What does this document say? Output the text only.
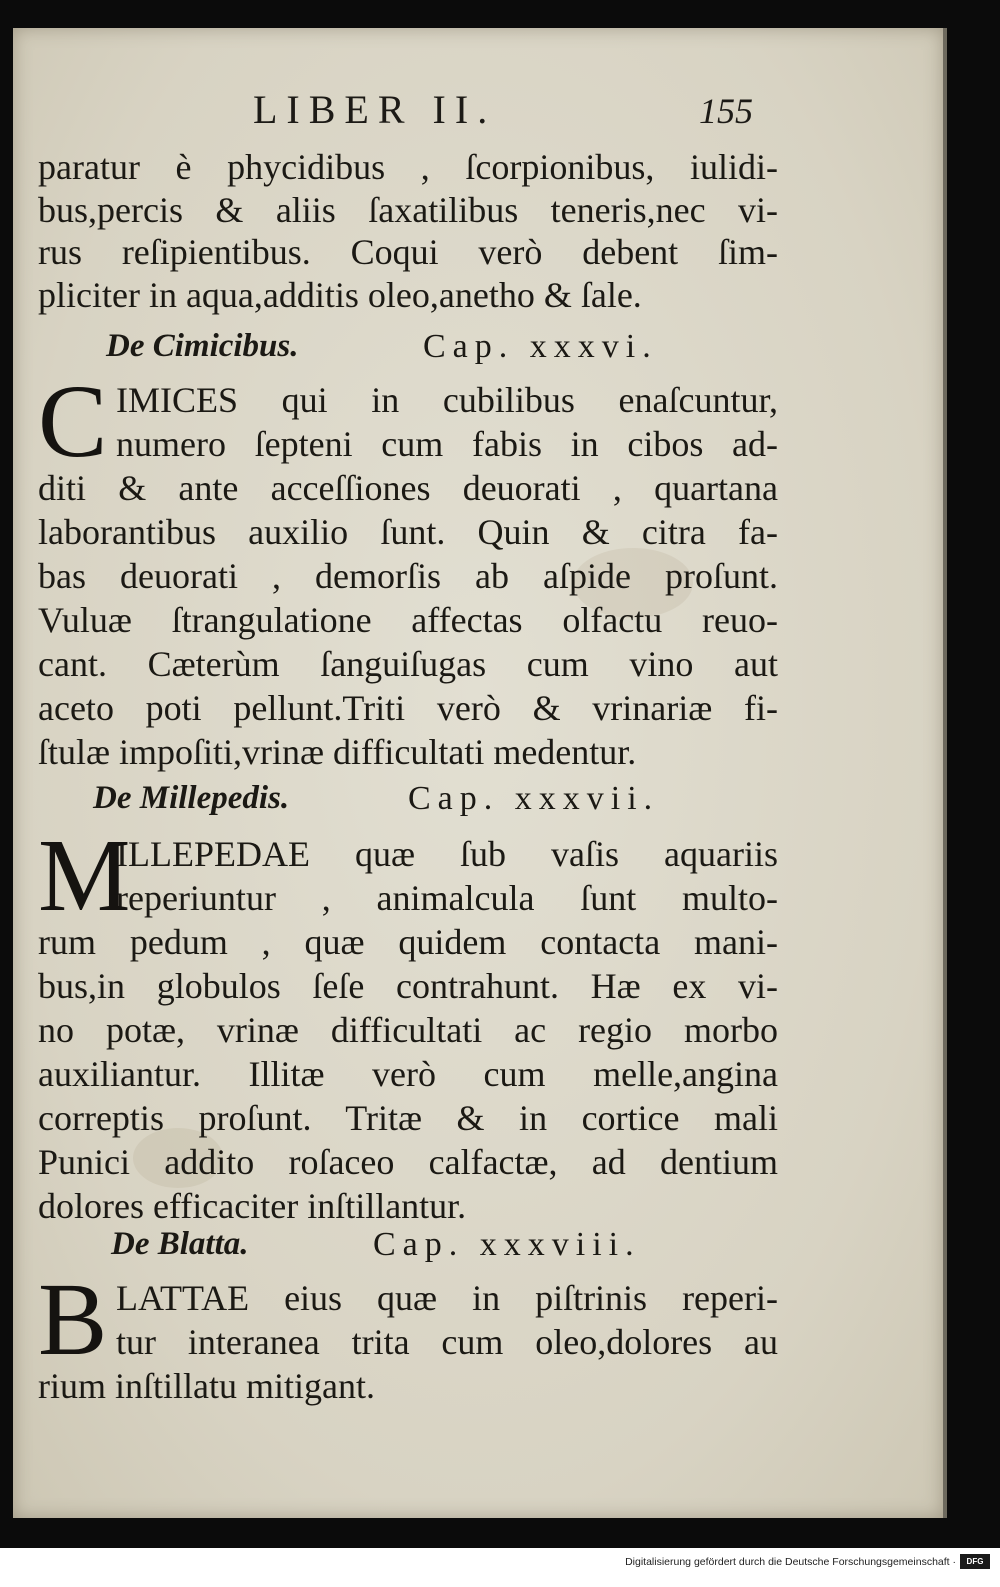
LIBER II.	155
paratur è phycidibus , ſcorpionibus, iulidi-
bus,percis & aliis ſaxatilibus teneris,nec vi-
rus reſipientibus. Coqui verò debent ſim-
pliciter in aqua,additis oleo,anetho & ſale.
De Cimicibus.	Cap. xxxvi.
C IMICES qui in cubilibus enaſcuntur,
numero ſepteni cum fabis in cibos ad-
diti & ante acceſſiones deuorati , quartana
laborantibus auxilio ſunt. Quin & citra fa-
bas deuorati , demorſis ab aſpide proſunt.
Vuluæ ſtrangulatione affectas olfactu reuo-
cant. Cæterùm ſanguiſugas cum vino aut
aceto poti pellunt.Triti verò & vrinariæ fi-
ſtulæ impoſiti,vrinæ difficultati medentur.
De Millepedis.	Cap. xxxvii.
M
ILLEPEDAE quæ ſub vaſis aquariis
reperiuntur , animalcula ſunt multo-
rum pedum , quæ quidem contacta mani-
bus,in globulos ſeſe contrahunt. Hæ ex vi-
no potæ, vrinæ difficultati ac regio morbo
auxiliantur. Illitæ verò cum melle,angina
correptis proſunt. Tritæ & in cortice mali
Punici addito roſaceo calfactæ, ad dentium
dolores efficaciter inſtillantur.
De Blatta.	Cap. xxxviii.
B LATTAE eius quæ in piſtrinis reperi-
tur interanea trita cum oleo,dolores au
rium inſtillatu mitigant.
Digitalisierung gefördert durch die Deutsche Forschungsgemeinschaft ·	DFG
